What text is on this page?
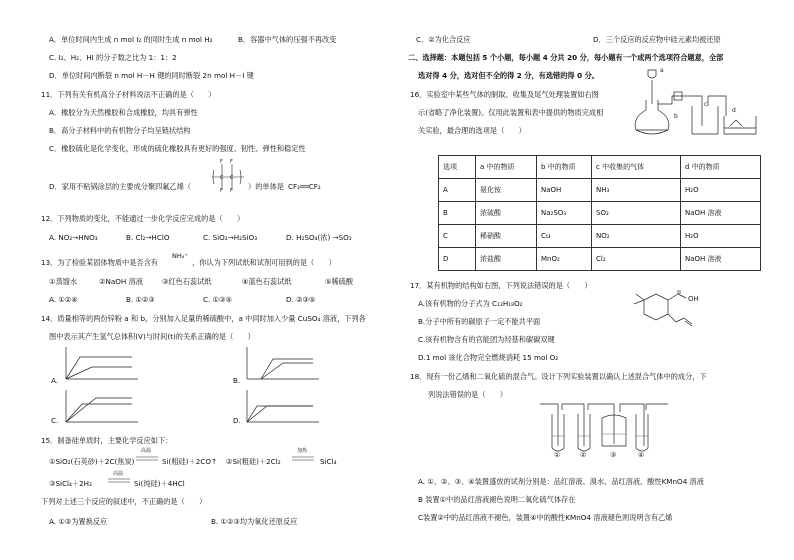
A．单位时间内生成 n mol I₂ 的同时生成 n mol H₂	B．容器中气体的压强不再改变
C. I₂、H₂、HI 的分子数之比为 1：1：2
D．单位时间内断裂 n mol H－H 键的同时断裂 2n mol H－I 键
11．下列有关有机高分子材料说法不正确的是（　　）
A．橡胶分为天然橡胶和合成橡胶，均具有弹性
B．高分子材料中的有机物分子均呈链状结构
C．橡胶硫化是化学变化，形成的硫化橡胶具有更好的强度、韧性、弹性和稳定性
D．家用不粘锅涂层的主要成分聚四氟乙烯（
F F
F F
C C
）的单体是 CF₂══CF₂
12．下列物质的变化，不能通过一步化学反应完成的是（　　）
A. NO₂→HNO₃	B. Cl₂→HClO	C. SiO₂→H₂SiO₃	D. H₂SO₄(浓) →SO₂
13．为了检验某固体物质中是否含有
NH₄⁺
，你认为下列试纸和试剂可用到的是（　　）
①蒸馏水	②NaOH 溶液	③红色石蕊试纸	④蓝色石蕊试纸	⑤稀硫酸
A. ①②④	B. ①②③	C. ①③⑤	D. ②③⑤
14．质量相等的两份锌粉 a 和 b，分别加入足量的稀硫酸中，a 中同时加入少量 CuSO₄ 溶液，下列各
图中表示其产生氢气总体积(V)与时间(t)的关系正确的是（　　）
A.	B.
C.	D.
15．制备硅单质时，主要化学反应如下：
①SiO₂(石英砂)＋2C(焦炭)
高温
Si(粗硅)＋2CO↑ ②Si(粗硅)＋2Cl₂
加热
SiCl₄
③SiCl₄＋2H₂
高温
Si(纯硅)＋4HCl
下列对上述三个反应的叙述中，不正确的是（　　）
A. ①③为置换反应	B. ①②③均为氧化还原反应
C．②为化合反应	D．三个反应的反应物中硅元素均被还原
二、选择题：本题包括 5 个小题，每小题 4 分共 20 分，每小题有一个或两个选项符合题意，全部
选对得 4 分，选对但不全的得 2 分，有选错的得 0 分。
16．实验室中某些气体的制取、收集及尾气处理装置如右图
示(省略了净化装置)。仅用此装置和表中提供的物质完成相
关实验，最合理的选项是（　　）
a
b
c
d
选项	a 中的物质	b 中的物质	c 中收集的气体	d 中的物质
A	氨化铵	NaOH	NH₃	H₂O
B	浓硫酸	Na₂SO₃	SO₂	NaOH 溶液
C	稀硝酸	Cu	NO₂	H₂O
D	浓盐酸	MnO₂	Cl₂	NaOH 溶液
17．某有机物的结构如右图，下列说法错误的是（　　）
A.该有机物的分子式为 C₁₂H₁₈O₂
B.分子中所有的碳原子一定不能共平面
C.该有机物含有的官能团为羟基和碳碳双键
D.1 mol 该化合物完全燃烧消耗 15 mol O₂
OH
18．现有一份乙烯和二氧化硫的混合气。设计下列实验装置以确认上述混合气体中的成分，下
列说法错误的是（　　）
①	②	③	④
A. ①、②、③、④装置盛放的试剂分别是：品红溶液、溴水、品红溶液、酸性KMnO4 溶液
B 装置①中的品红溶液褪色说明二氧化硫气体存在
C装置②中的品红溶液不褪色，装置④中的酸性KMnO4 溶液褪色则说明含有乙烯
